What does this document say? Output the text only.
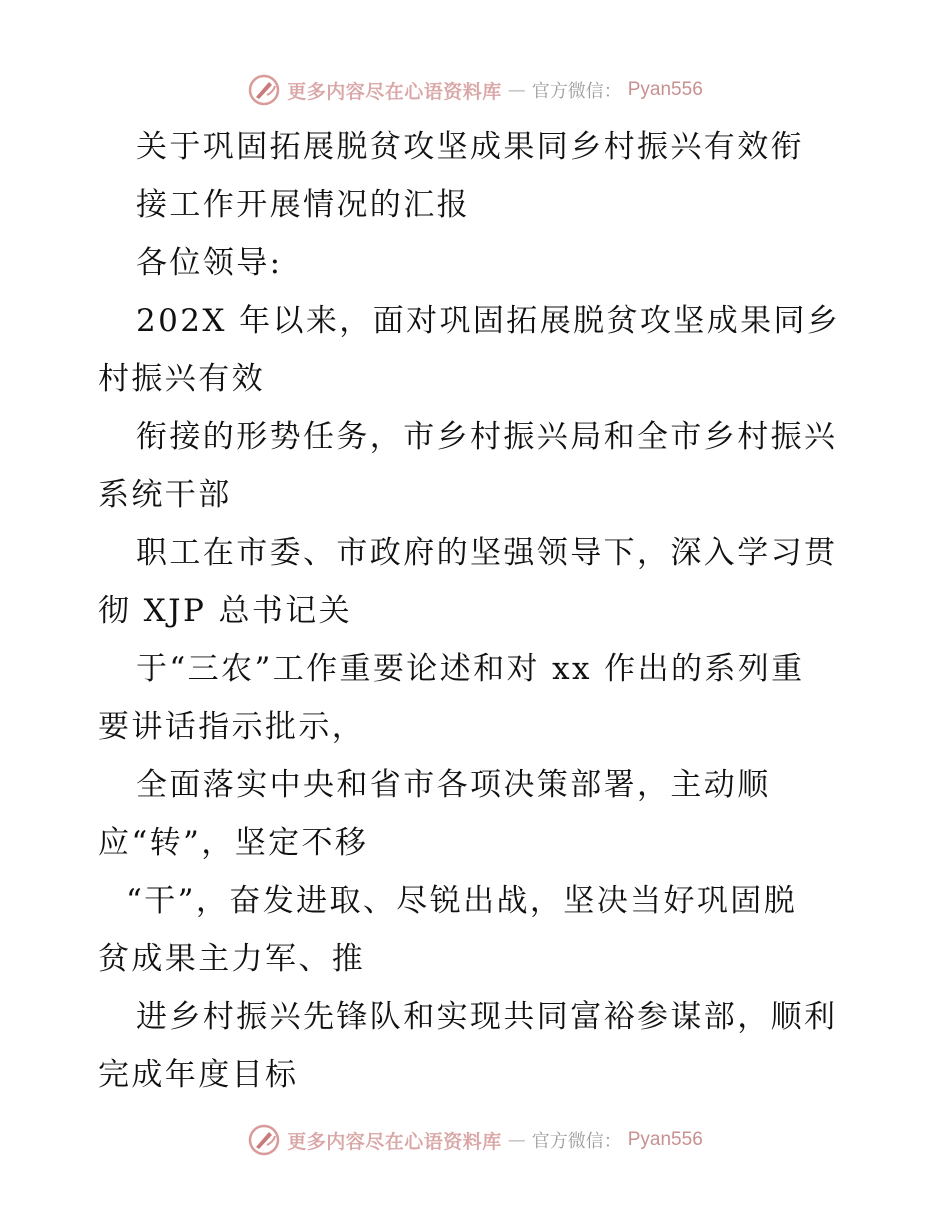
更多内容尽在心语资料库 — 官方微信： Pyan556
关于巩固拓展脱贫攻坚成果同乡村振兴有效衔
接工作开展情况的汇报
各位领导:
202X 年以来，面对巩固拓展脱贫攻坚成果同乡
村振兴有效
衔接的形势任务，市乡村振兴局和全市乡村振兴
系统干部
职工在市委、市政府的坚强领导下，深入学习贯
彻 XJP 总书记关
于“三农”工作重要论述和对 xx 作出的系列重
要讲话指示批示，
全面落实中央和省市各项决策部署，主动顺
应“转”，坚定不移
“干”，奋发进取、尽锐出战，坚决当好巩固脱
贫成果主力军、推
进乡村振兴先锋队和实现共同富裕参谋部，顺利
完成年度目标
更多内容尽在心语资料库 — 官方微信： Pyan556
